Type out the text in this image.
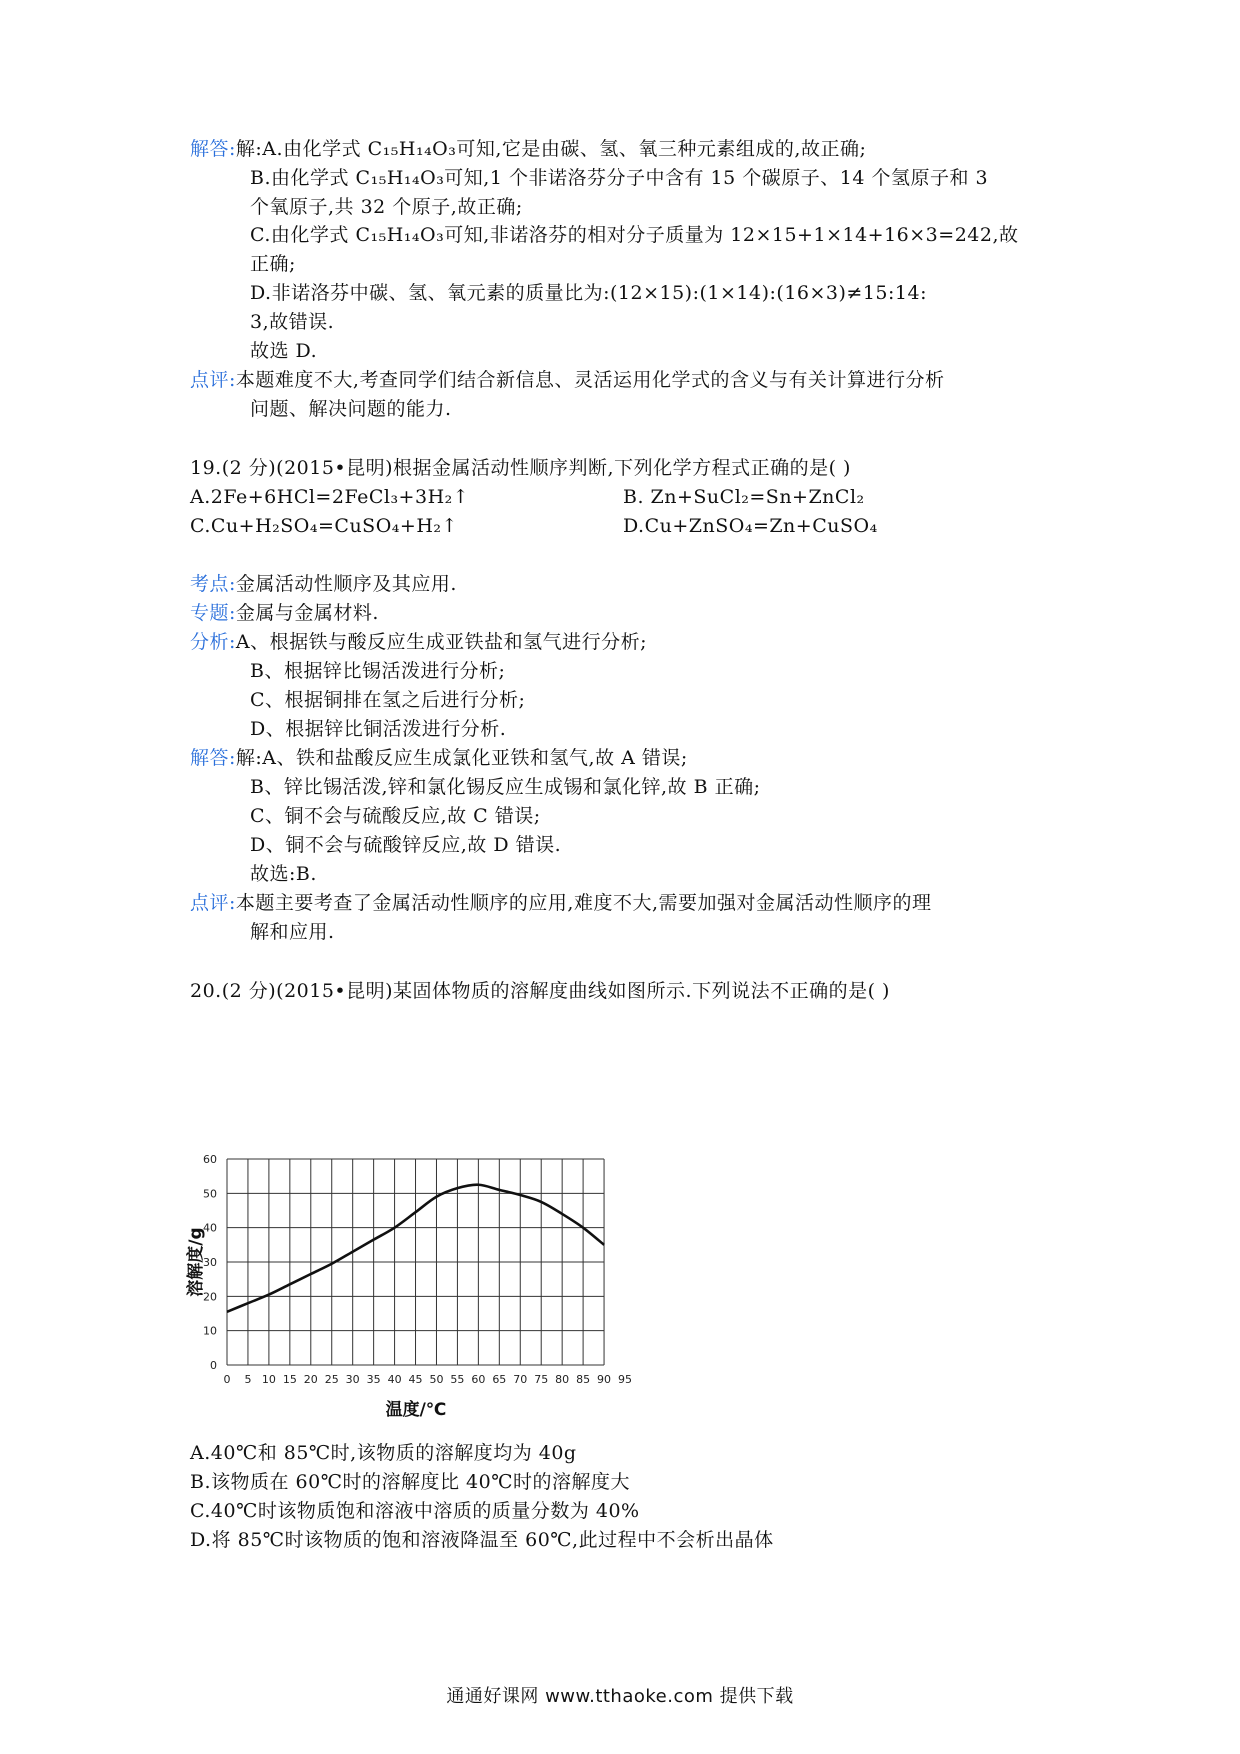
解答:解:A.由化学式 C₁₅H₁₄O₃可知,它是由碳、氢、氧三种元素组成的,故正确;
B.由化学式 C₁₅H₁₄O₃可知,1 个非诺洛芬分子中含有 15 个碳原子、14 个氢原子和 3
个氧原子,共 32 个原子,故正确;
C.由化学式 C₁₅H₁₄O₃可知,非诺洛芬的相对分子质量为 12×15+1×14+16×3=242,故
正确;
D.非诺洛芬中碳、氢、氧元素的质量比为:(12×15):(1×14):(16×3)≠15:14:
3,故错误.
故选 D.
点评:本题难度不大,考查同学们结合新信息、灵活运用化学式的含义与有关计算进行分析
问题、解决问题的能力.
19.(2 分)(2015•昆明)根据金属活动性顺序判断,下列化学方程式正确的是( )
A.2Fe+6HCl=2FeCl₃+3H₂↑	B. Zn+SuCl₂=Sn+ZnCl₂
C.Cu+H₂SO₄=CuSO₄+H₂↑	D.Cu+ZnSO₄=Zn+CuSO₄
考点:金属活动性顺序及其应用.
专题:金属与金属材料.
分析:A、根据铁与酸反应生成亚铁盐和氢气进行分析;
B、根据锌比锡活泼进行分析;
C、根据铜排在氢之后进行分析;
D、根据锌比铜活泼进行分析.
解答:解:A、铁和盐酸反应生成氯化亚铁和氢气,故 A 错误;
B、锌比锡活泼,锌和氯化锡反应生成锡和氯化锌,故 B 正确;
C、铜不会与硫酸反应,故 C 错误;
D、铜不会与硫酸锌反应,故 D 错误.
故选:B.
点评:本题主要考查了金属活动性顺序的应用,难度不大,需要加强对金属活动性顺序的理
解和应用.
20.(2 分)(2015•昆明)某固体物质的溶解度曲线如图所示.下列说法不正确的是( )
0
10
20
30
40
50
60
0 5 10 15 20 25 30 35 40 45 50 55 60 65 70 75 80 85 90 95
溶解度/g
温度/℃
A.40℃和 85℃时,该物质的溶解度均为 40g
B.该物质在 60℃时的溶解度比 40℃时的溶解度大
C.40℃时该物质饱和溶液中溶质的质量分数为 40%
D.将 85℃时该物质的饱和溶液降温至 60℃,此过程中不会析出晶体
通通好课网 www.tthaoke.com 提供下载
